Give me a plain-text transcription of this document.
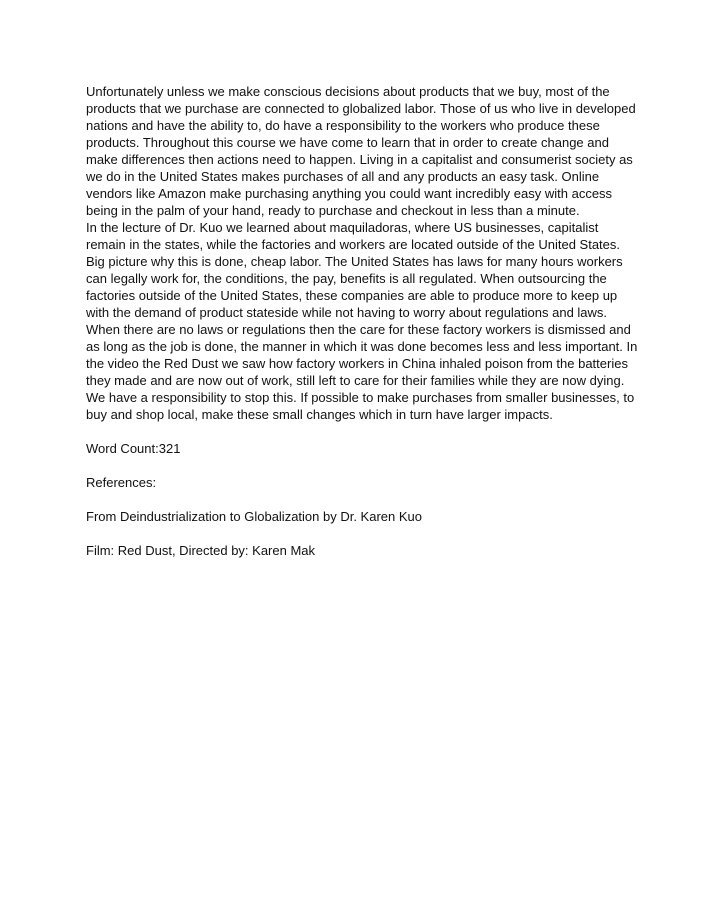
Unfortunately unless we make conscious decisions about products that we buy, most of the
products that we purchase are connected to globalized labor. Those of us who live in developed
nations and have the ability to, do have a responsibility to the workers who produce these
products. Throughout this course we have come to learn that in order to create change and
make differences then actions need to happen. Living in a capitalist and consumerist society as
we do in the United States makes purchases of all and any products an easy task. Online
vendors like Amazon make purchasing anything you could want incredibly easy with access
being in the palm of your hand, ready to purchase and checkout in less than a minute.
In the lecture of Dr. Kuo we learned about maquiladoras, where US businesses, capitalist
remain in the states, while the factories and workers are located outside of the United States.
Big picture why this is done, cheap labor. The United States has laws for many hours workers
can legally work for, the conditions, the pay, benefits is all regulated. When outsourcing the
factories outside of the United States, these companies are able to produce more to keep up
with the demand of product stateside while not having to worry about regulations and laws.
When there are no laws or regulations then the care for these factory workers is dismissed and
as long as the job is done, the manner in which it was done becomes less and less important. In
the video the Red Dust we saw how factory workers in China inhaled poison from the batteries
they made and are now out of work, still left to care for their families while they are now dying.
We have a responsibility to stop this. If possible to make purchases from smaller businesses, to
buy and shop local, make these small changes which in turn have larger impacts.
Word Count:321
References:
From Deindustrialization to Globalization by Dr. Karen Kuo
Film: Red Dust, Directed by: Karen Mak
